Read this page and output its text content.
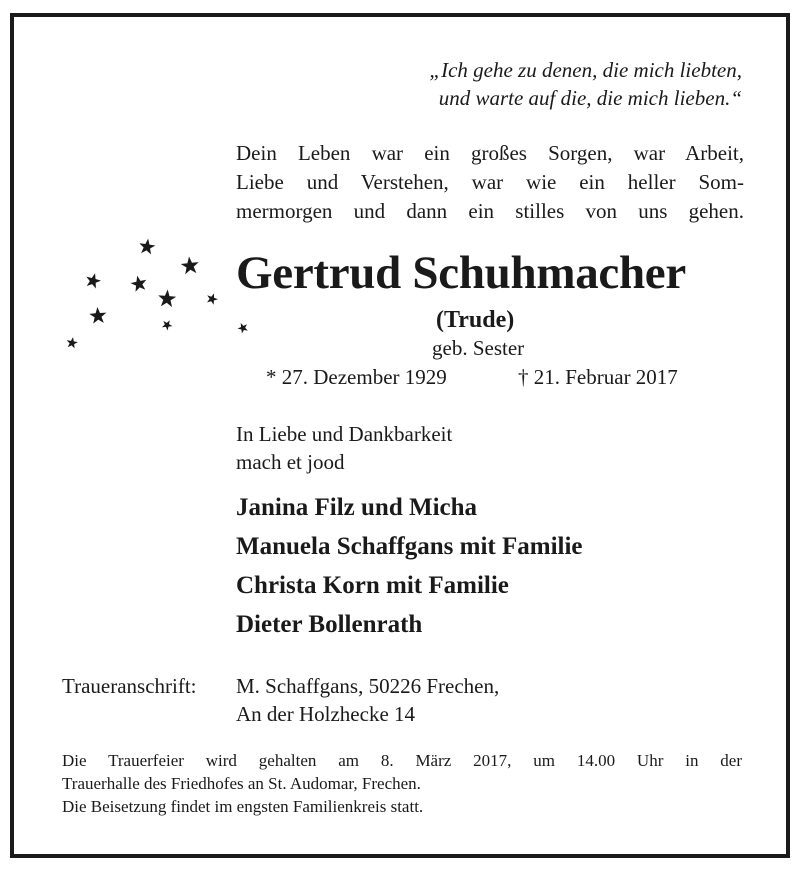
„Ich gehe zu denen, die mich liebten,
und warte auf die, die mich lieben.“
Dein Leben war ein großes Sorgen, war Arbeit,
Liebe und Verstehen, war wie ein heller Som-
mermorgen und dann ein stilles von uns gehen.
Gertrud Schuhmacher
(Trude)
geb. Sester
* 27. Dezember 1929	† 21. Februar 2017
In Liebe und Dankbarkeit
mach et jood
Janina Filz und Micha
Manuela Schaffgans mit Familie
Christa Korn mit Familie
Dieter Bollenrath
Traueranschrift: M. Schaffgans, 50226 Frechen,
An der Holzhecke 14
Die Trauerfeier wird gehalten am 8. März 2017, um 14.00 Uhr in der
Trauerhalle des Friedhofes an St. Audomar, Frechen.
Die Beisetzung findet im engsten Familienkreis statt.
